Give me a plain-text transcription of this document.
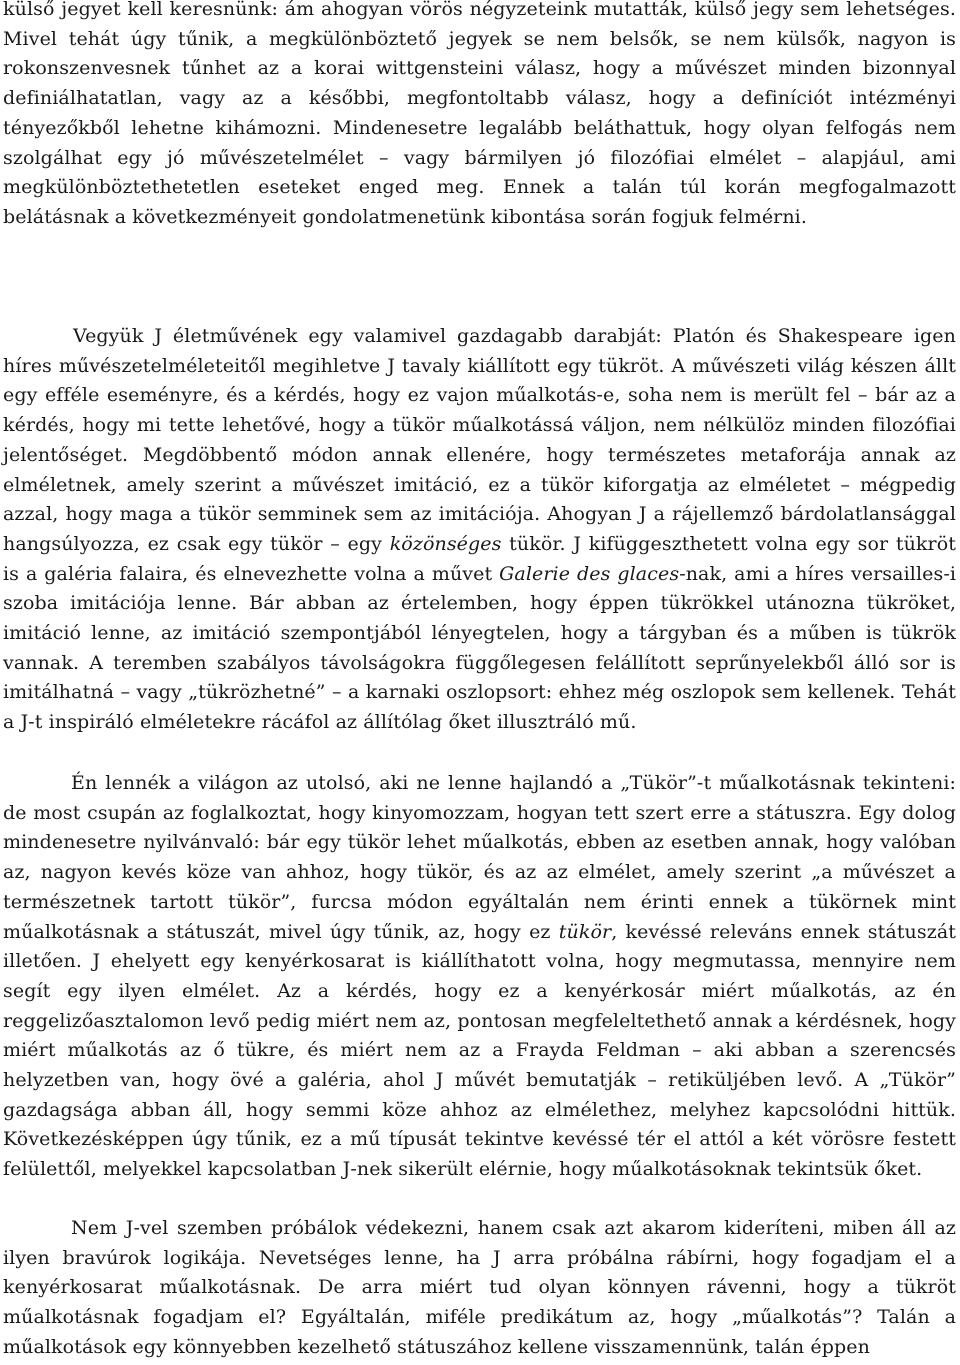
külső jegyet kell keresnünk: ám ahogyan vörös négyzeteink mutatták, külső jegy sem lehetséges. Mivel tehát úgy tűnik, a megkülönböztető jegyek se nem belsők, se nem külsők, nagyon is rokonszenvesnek tűnhet az a korai wittgensteini válasz, hogy a művészet minden bizonnyal definiálhatatlan, vagy az a későbbi, megfontoltabb válasz, hogy a definíciót intézményi tényezőkből lehetne kihámozni. Mindenesetre legalább beláthattuk, hogy olyan felfogás nem szolgálhat egy jó művészetelmélet – vagy bármilyen jó filozófiai elmélet – alapjául, ami megkülönböztethetetlen eseteket enged meg. Ennek a talán túl korán megfogalmazott belátásnak a következményeit gondolatmenetünk kibontása során fogjuk felmérni.

Vegyük J életművének egy valamivel gazdagabb darabját: Platón és Shakespeare igen híres művészetelméleteitől megihletve J tavaly kiállított egy tükröt. A művészeti világ készen állt egy efféle eseményre, és a kérdés, hogy ez vajon műalkotás-e, soha nem is merült fel – bár az a kérdés, hogy mi tette lehetővé, hogy a tükör műalkotássá váljon, nem nélkülöz minden filozófiai jelentőséget. Megdöbbentő módon annak ellenére, hogy természetes metaforája annak az elméletnek, amely szerint a művészet imitáció, ez a tükör kiforgatja az elméletet – mégpedig azzal, hogy maga a tükör semminek sem az imitációja. Ahogyan J a rájellemző bárdolatlansággal hangsúlyozza, ez csak egy tükör – egy közönséges tükör. J kifüggeszthetett volna egy sor tükröt is a galéria falaira, és elnevezhette volna a művet Galerie des glaces-nak, ami a híres versailles-i szoba imitációja lenne. Bár abban az értelemben, hogy éppen tükrökkel utánozna tükröket, imitáció lenne, az imitáció szempontjából lényegtelen, hogy a tárgyban és a műben is tükrök vannak. A teremben szabályos távolságokra függőlegesen felállított seprűnyelekből álló sor is imitálhatná – vagy „tükrözhetné” – a karnaki oszlopsort: ehhez még oszlopok sem kellenek. Tehát a J-t inspiráló elméletekre rácáfol az állítólag őket illusztráló mű.

Én lennék a világon az utolsó, aki ne lenne hajlandó a „Tükör”-t műalkotásnak tekinteni: de most csupán az foglalkoztat, hogy kinyomozzam, hogyan tett szert erre a státuszra. Egy dolog mindenesetre nyilvánvaló: bár egy tükör lehet műalkotás, ebben az esetben annak, hogy valóban az, nagyon kevés köze van ahhoz, hogy tükör, és az az elmélet, amely szerint „a művészet a természetnek tartott tükör”, furcsa módon egyáltalán nem érinti ennek a tükörnek mint műalkotásnak a státuszát, mivel úgy tűnik, az, hogy ez tükör, kevéssé releváns ennek státuszát illetően. J ehelyett egy kenyérkosarat is kiállíthatott volna, hogy megmutassa, mennyire nem segít egy ilyen elmélet. Az a kérdés, hogy ez a kenyérkosár miért műalkotás, az én reggelizőasztalomon levő pedig miért nem az, pontosan megfeleltethető annak a kérdésnek, hogy miért műalkotás az ő tükre, és miért nem az a Frayda Feldman – aki abban a szerencsés helyzetben van, hogy övé a galéria, ahol J művét bemutatják – retiküljében levő. A „Tükör” gazdagsága abban áll, hogy semmi köze ahhoz az elmélethez, melyhez kapcsolódni hittük. Következésképpen úgy tűnik, ez a mű típusát tekintve kevéssé tér el attól a két vörösre festett felülettől, melyekkel kapcsolatban J-nek sikerült elérnie, hogy műalkotásoknak tekintsük őket.

Nem J-vel szemben próbálok védekezni, hanem csak azt akarom kideríteni, miben áll az ilyen bravúrok logikája. Nevetséges lenne, ha J arra próbálna rábírni, hogy fogadjam el a kenyérkosarat műalkotásnak. De arra miért tud olyan könnyen rávenni, hogy a tükröt műalkotásnak fogadjam el? Egyáltalán, miféle predikátum az, hogy „műalkotás”? Talán a műalkotások egy könnyebben kezelhető státuszához kellene visszamennünk, talán éppen
